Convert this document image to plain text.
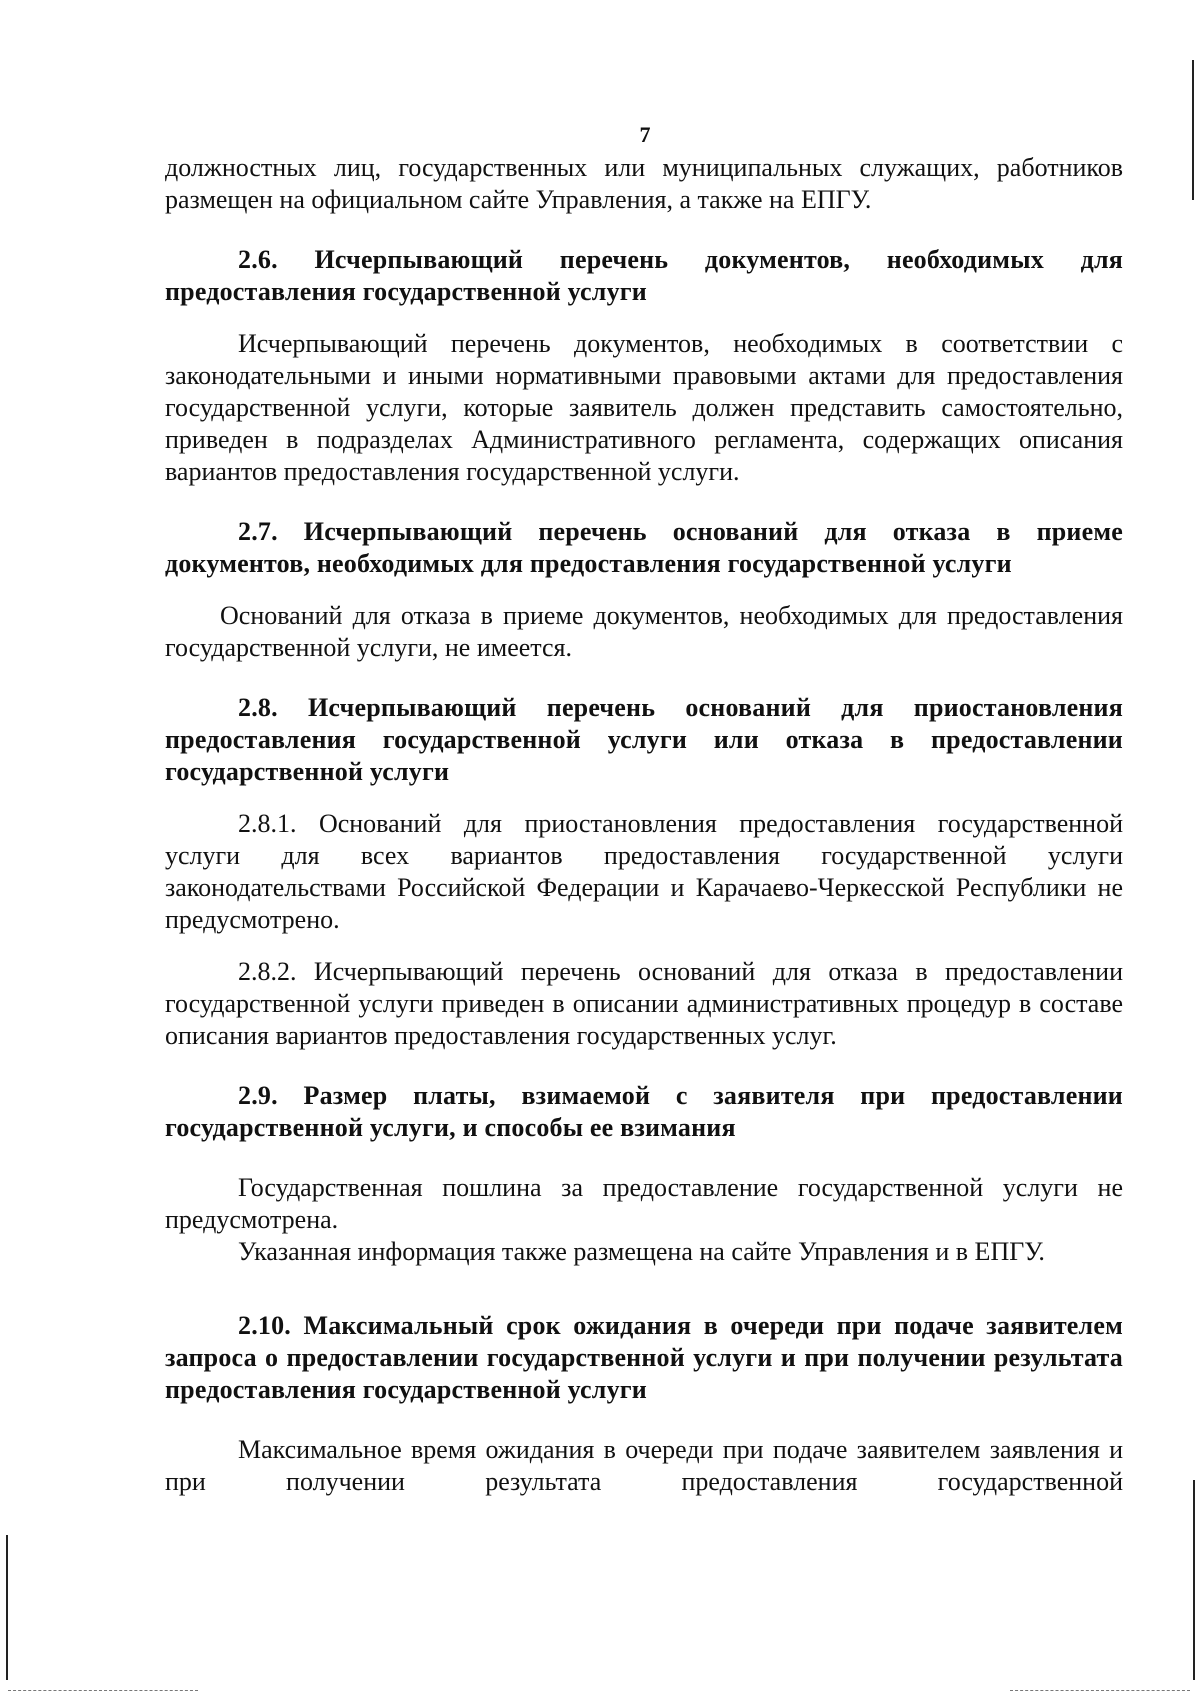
7

должностных лиц, государственных или муниципальных служащих, работников размещен на официальном сайте Управления, а также на ЕПГУ.

2.6. Исчерпывающий перечень документов, необходимых для предоставления государственной услуги

Исчерпывающий перечень документов, необходимых в соответствии с законодательными и иными нормативными правовыми актами для предоставления государственной услуги, которые заявитель должен представить самостоятельно, приведен в подразделах Административного регламента, содержащих описания вариантов предоставления государственной услуги.

2.7. Исчерпывающий перечень оснований для отказа в приеме документов, необходимых для предоставления государственной услуги

Оснований для отказа в приеме документов, необходимых для предоставления государственной услуги, не имеется.

2.8. Исчерпывающий перечень оснований для приостановления предоставления государственной услуги или отказа в предоставлении государственной услуги

2.8.1. Оснований для приостановления предоставления государственной услуги для всех вариантов предоставления государственной услуги законодательствами Российской Федерации и Карачаево-Черкесской Республики не предусмотрено.

2.8.2. Исчерпывающий перечень оснований для отказа в предоставлении государственной услуги приведен в описании административных процедур в составе описания вариантов предоставления государственных услуг.

2.9. Размер платы, взимаемой с заявителя при предоставлении государственной услуги, и способы ее взимания

Государственная пошлина за предоставление государственной услуги не предусмотрена.

Указанная информация также размещена на сайте Управления и в ЕПГУ.

2.10. Максимальный срок ожидания в очереди при подаче заявителем запроса о предоставлении государственной услуги и при получении результата предоставления государственной услуги

Максимальное время ожидания в очереди при подаче заявителем заявления и при получении результата предоставления государственной
